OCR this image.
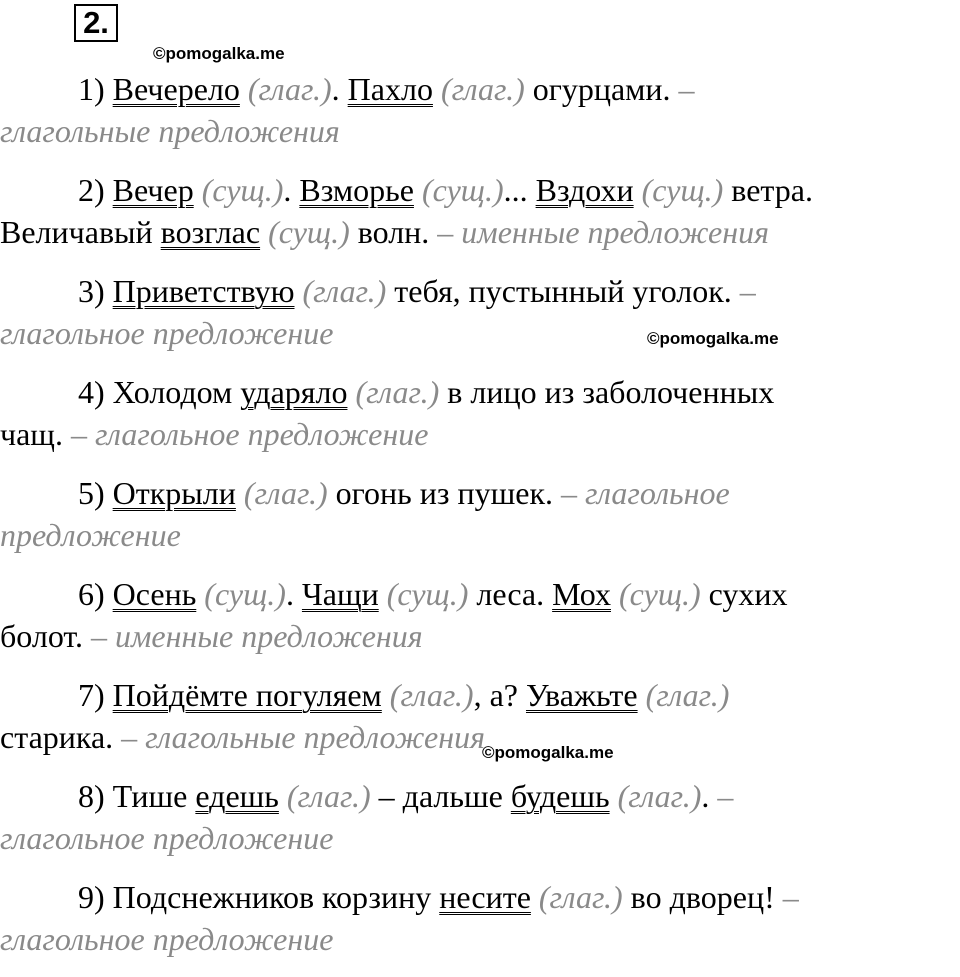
2.
©pomogalka.me
©pomogalka.me
©pomogalka.me
1) Вечерело (глаг.). Пахло (глаг.) огурцами. –
глагольные предложения
2) Вечер (сущ.). Взморье (сущ.)... Вздохи (сущ.) ветра.
Величавый возглас (сущ.) волн. – именные предложения
3) Приветствую (глаг.) тебя, пустынный уголок. –
глагольное предложение
4) Холодом ударяло (глаг.) в лицо из заболоченных
чащ. – глагольное предложение
5) Открыли (глаг.) огонь из пушек. – глагольное
предложение
6) Осень (сущ.). Чащи (сущ.) леса. Мох (сущ.) сухих
болот. – именные предложения
7) Пойдёмте погуляем (глаг.), а? Уважьте (глаг.)
старика. – глагольные предложения
8) Тише едешь (глаг.) – дальше будешь (глаг.). –
глагольное предложение
9) Подснежников корзину несите (глаг.) во дворец! –
глагольное предложение
